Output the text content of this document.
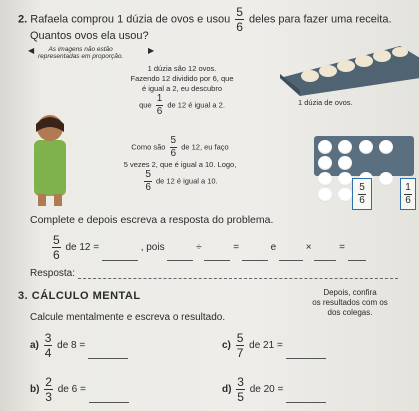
2. Rafaela comprou 1 dúzia de ovos e usou $\frac{5}{6}$ deles para fazer uma receita.
Quantos ovos ela usou?
As imagens não estão
representadas em proporção.
◀	▶
1 dúzia são 12 ovos.
Fazendo 12 dividido por 6, que
é igual a 2, eu descubro
que $\frac{1}{6}$ de 12 é igual a 2.	1 dúzia de ovos.
Como são $\frac{5}{6}$ de 12, eu faço
5 vezes 2, que é igual a 10. Logo,
$\frac{5}{6}$ de 12 é igual a 10.

$\frac{5}{6}$	$\frac{1}{6}$
Complete e depois escreva a resposta do problema.
$\frac{5}{6}$ de 12 =	, pois	÷	=	e	×	=
Resposta:
3. CÁLCULO MENTAL	Depois, confira
os resultados com os
dos colegas.
Calcule mentalmente e escreva o resultado.
$a) \frac{3}{4}$ de 8 =	$c) \frac{5}{7}$ de 21 =
$b) \frac{2}{3}$ de 6 =	$d) \frac{3}{5}$ de 20 =
